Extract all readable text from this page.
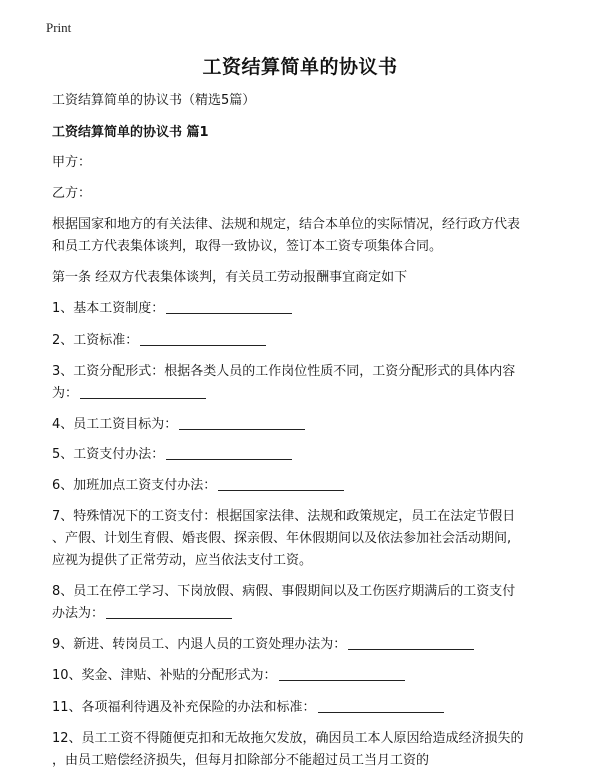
Print
工资结算简单的协议书
工资结算简单的协议书（精选5篇）
工资结算简单的协议书 篇1
甲方：
乙方：
根据国家和地方的有关法律、法规和规定，结合本单位的实际情况，经行政方代表
和员工方代表集体谈判，取得一致协议，签订本工资专项集体合同。
第一条 经双方代表集体谈判，有关员工劳动报酬事宜商定如下
1、基本工资制度：
2、工资标准：
3、工资分配形式：根据各类人员的工作岗位性质不同，工资分配形式的具体内容
为：
4、员工工资目标为：
5、工资支付办法：
6、加班加点工资支付办法：
7、特殊情况下的工资支付：根据国家法律、法规和政策规定，员工在法定节假日
、产假、计划生育假、婚丧假、探亲假、年休假期间以及依法参加社会活动期间,
应视为提供了正常劳动，应当依法支付工资。
8、员工在停工学习、下岗放假、病假、事假期间以及工伤医疗期满后的工资支付
办法为：
9、新进、转岗员工、内退人员的工资处理办法为：
10、奖金、津贴、补贴的分配形式为：
11、各项福利待遇及补充保险的办法和标准：
12、员工工资不得随便克扣和无故拖欠发放，确因员工本人原因给造成经济损失的
，由员工赔偿经济损失，但每月扣除部分不能超过员工当月工资的
